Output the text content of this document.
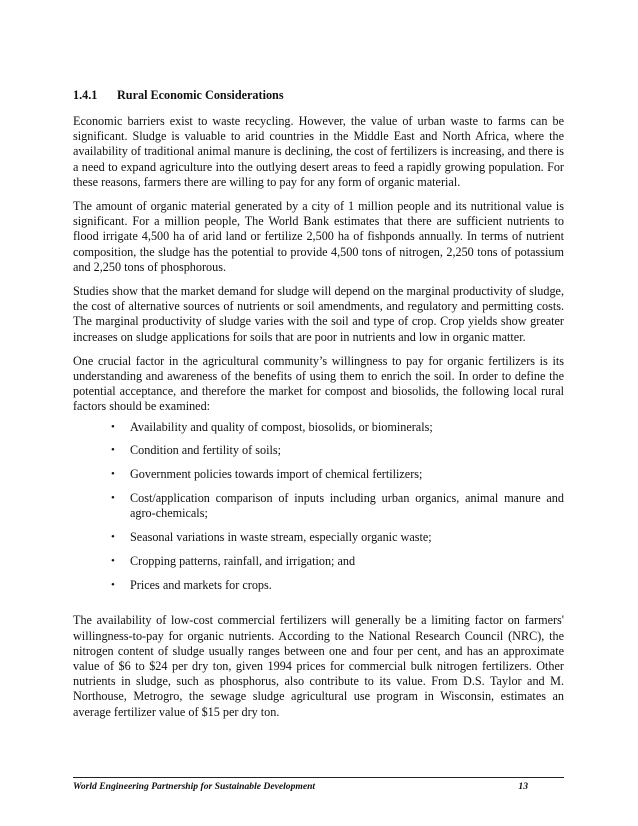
1.4.1 Rural Economic Considerations

Economic barriers exist to waste recycling. However, the value of urban waste to farms can be significant. Sludge is valuable to arid countries in the Middle East and North Africa, where the availability of traditional animal manure is declining, the cost of fertilizers is increasing, and there is a need to expand agriculture into the outlying desert areas to feed a rapidly growing population. For these reasons, farmers there are willing to pay for any form of organic material.

The amount of organic material generated by a city of 1 million people and its nutritional value is significant. For a million people, The World Bank estimates that there are sufficient nutrients to flood irrigate 4,500 ha of arid land or fertilize 2,500 ha of fishponds annually. In terms of nutrient composition, the sludge has the potential to provide 4,500 tons of nitrogen, 2,250 tons of potassium and 2,250 tons of phosphorous.

Studies show that the market demand for sludge will depend on the marginal productivity of sludge, the cost of alternative sources of nutrients or soil amendments, and regulatory and permitting costs. The marginal productivity of sludge varies with the soil and type of crop. Crop yields show greater increases on sludge applications for soils that are poor in nutrients and low in organic matter.

One crucial factor in the agricultural community’s willingness to pay for organic fertilizers is its understanding and awareness of the benefits of using them to enrich the soil. In order to define the potential acceptance, and therefore the market for compost and biosolids, the following local rural factors should be examined:

• Availability and quality of compost, biosolids, or biominerals;
• Condition and fertility of soils;
• Government policies towards import of chemical fertilizers;
• Cost/application comparison of inputs including urban organics, animal manure and agro-chemicals;
• Seasonal variations in waste stream, especially organic waste;
• Cropping patterns, rainfall, and irrigation; and
• Prices and markets for crops.

The availability of low-cost commercial fertilizers will generally be a limiting factor on farmers' willingness-to-pay for organic nutrients. According to the National Research Council (NRC), the nitrogen content of sludge usually ranges between one and four per cent, and has an approximate value of $6 to $24 per dry ton, given 1994 prices for commercial bulk nitrogen fertilizers. Other nutrients in sludge, such as phosphorus, also contribute to its value. From D.S. Taylor and M. Northouse, Metrogro, the sewage sludge agricultural use program in Wisconsin, estimates an average fertilizer value of $15 per dry ton.

World Engineering Partnership for Sustainable Development	13
